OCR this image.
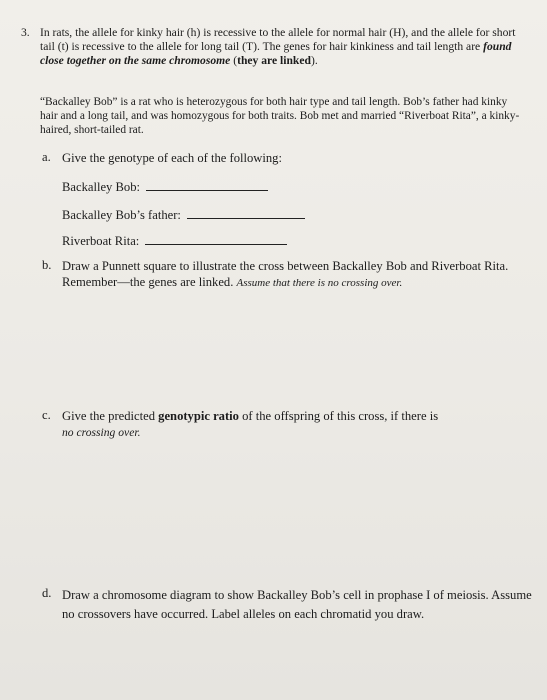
3. In rats, the allele for kinky hair (h) is recessive to the allele for normal hair (H), and the allele for short tail (t) is recessive to the allele for long tail (T). The genes for hair kinkiness and tail length are found close together on the same chromosome (they are linked).

“Backalley Bob” is a rat who is heterozygous for both hair type and tail length. Bob’s father had kinky hair and a long tail, and was homozygous for both traits. Bob met and married “Riverboat Rita”, a kinky-haired, short-tailed rat.

a. Give the genotype of each of the following:
Backalley Bob:
Backalley Bob’s father:
Riverboat Rita:
b. Draw a Punnett square to illustrate the cross between Backalley Bob and Riverboat Rita. Remember—the genes are linked. Assume that there is no crossing over.
c. Give the predicted genotypic ratio of the offspring of this cross, if there is
no crossing over.
d. Draw a chromosome diagram to show Backalley Bob’s cell in prophase I of meiosis. Assume no crossovers have occurred. Label alleles on each chromatid you draw.
